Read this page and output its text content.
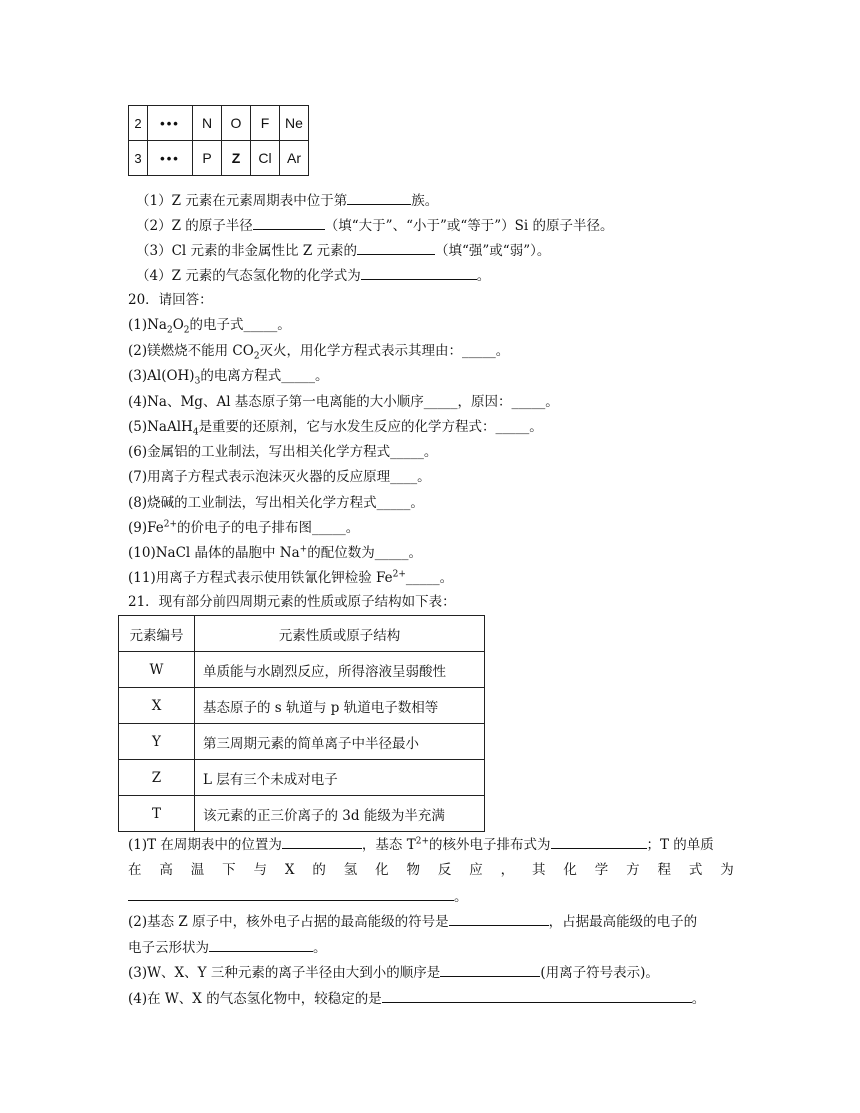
2	•••	N	O	F	Ne
3	•••	P	Z	Cl	Ar
（1）Z 元素在元素周期表中位于第	族。
（2）Z 的原子半径	（填“大于”、“小于”或“等于”）Si 的原子半径。
（3）Cl 元素的非金属性比 Z 元素的	（填“强”或“弱”）。
（4）Z 元素的气态氢化物的化学式为	。
20．请回答：
$(1)Na_2O_2$的电子式_____。
(2)镁燃烧不能用 $CO_2$灭火，用化学方程式表示其理由：_____。
$(3)Al(OH)_3$的电离方程式_____。
(4)Na、Mg、Al 基态原子第一电离能的大小顺序_____，原因：_____。
(5)NaAlH$_4$是重要的还原剂，它与水发生反应的化学方程式：_____。
(6)金属铝的工业制法，写出相关化学方程式_____。
(7)用离子方程式表示泡沫灭火器的反应原理____。
(8)烧碱的工业制法，写出相关化学方程式_____。
$(9)Fe^{2+}$的价电子的电子排布图_____。
(10)NaCl 晶体的晶胞中 Na+的配位数为_____。
(11)用离子方程式表示使用铁氰化钾检验 $Fe^{2+}\_\_\_\_\_$。
21．现有部分前四周期元素的性质或原子结构如下表：
元素编号	元素性质或原子结构
W	单质能与水剧烈反应，所得溶液呈弱酸性
X	基态原子的 s 轨道与 p 轨道电子数相等
Y	第三周期元素的简单离子中半径最小
Z	L 层有三个未成对电子
T	该元素的正三价离子的 3d 能级为半充满
(1)T 在周期表中的位置为	，基态 $T^{2+}$的核外电子排布式为	；T 的单质
在 高 温 下 与 X 的 氢 化 物 反 应 ， 其 化 学 方 程 式 为
。
(2)基态 Z 原子中，核外电子占据的最高能级的符号是	，占据最高能级的电子的
电子云形状为	。
(3)W、X、Y 三种元素的离子半径由大到小的顺序是	(用离子符号表示)。
(4)在 W、X 的气态氢化物中，较稳定的是	。
